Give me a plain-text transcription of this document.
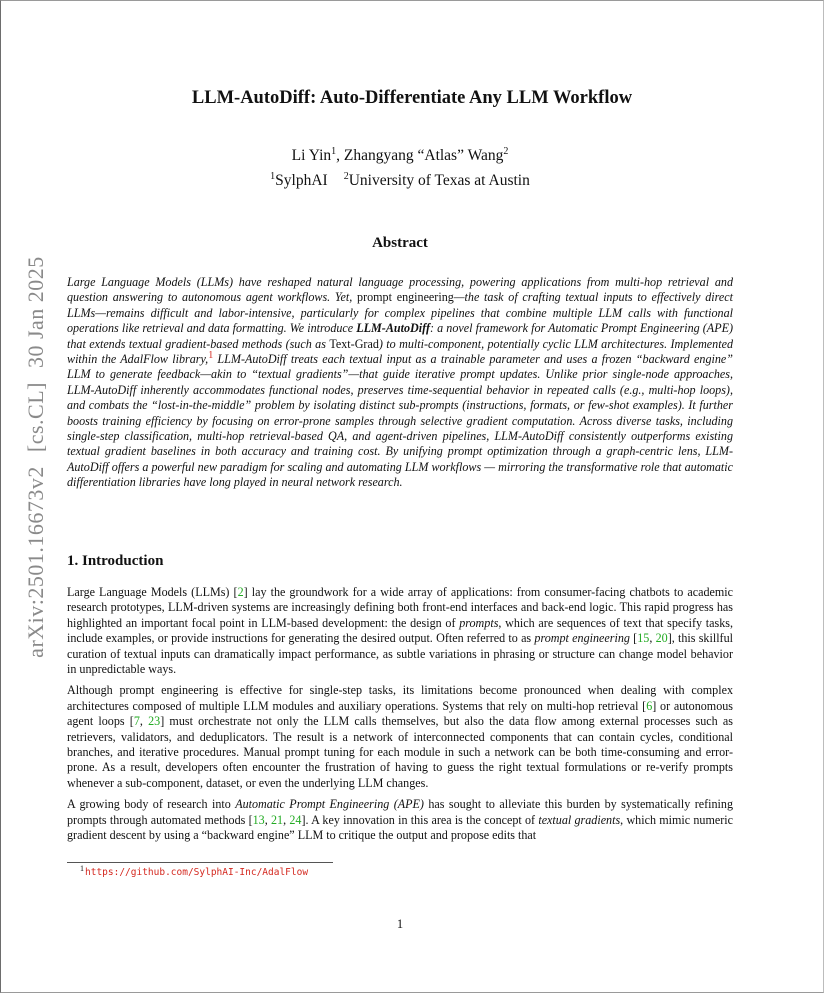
arXiv:2501.16673v2[cs.CL]30 Jan 2025
LLM-AutoDiff: Auto-Differentiate Any LLM Workflow
Li Yin$^1$, Zhangyang “Atlas” Wang$^2$
$^1$SylphAI $^2$University of Texas at Austin
Abstract

Large Language Models (LLMs) have reshaped natural language processing, powering applications from multi-hop retrieval and question answering to autonomous agent workflows. Yet, prompt engineering—the task of crafting textual inputs to effectively direct LLMs—remains difficult and labor-intensive, particularly for complex pipelines that combine multiple LLM calls with functional operations like retrieval and data formatting. We introduce LLM-AutoDiff: a novel framework for Automatic Prompt Engineering (APE) that extends textual gradient-based methods (such as Text-Grad) to multi-component, potentially cyclic LLM architectures. Implemented within the AdalFlow library,$^1$ LLM-AutoDiff treats each textual input as a trainable parameter and uses a frozen “backward engine” LLM to generate feedback—akin to “textual gradients”—that guide iterative prompt updates. Unlike prior single-node approaches, LLM-AutoDiff inherently accommodates functional nodes, preserves time-sequential behavior in repeated calls (e.g., multi-hop loops), and combats the “lost-in-the-middle” problem by isolating distinct sub-prompts (instructions, formats, or few-shot examples). It further boosts training efficiency by focusing on error-prone samples through selective gradient computation. Across diverse tasks, including single-step classification, multi-hop retrieval-based QA, and agent-driven pipelines, LLM-AutoDiff consistently outperforms existing textual gradient baselines in both accuracy and training cost. By unifying prompt optimization through a graph-centric lens, LLM-AutoDiff offers a powerful new paradigm for scaling and automating LLM workflows — mirroring the transformative role that automatic differentiation libraries have long played in neural network research.

1. Introduction

Large Language Models (LLMs) [2] lay the groundwork for a wide array of applications: from consumer-facing chatbots to academic research prototypes, LLM-driven systems are increasingly defining both front-end interfaces and back-end logic. This rapid progress has highlighted an important focal point in LLM-based development: the design of prompts, which are sequences of text that specify tasks, include examples, or provide instructions for generating the desired output. Often referred to as prompt engineering [15, 20], this skillful curation of textual inputs can dramatically impact performance, as subtle variations in phrasing or structure can change model behavior in unpredictable ways.

Although prompt engineering is effective for single-step tasks, its limitations become pronounced when dealing with complex architectures composed of multiple LLM modules and auxiliary operations. Systems that rely on multi-hop retrieval [6] or autonomous agent loops [7, 23] must orchestrate not only the LLM calls themselves, but also the data flow among external processes such as retrievers, validators, and deduplicators. The result is a network of interconnected components that can contain cycles, conditional branches, and iterative procedures. Manual prompt tuning for each module in such a network can be both time-consuming and error-prone. As a result, developers often encounter the frustration of having to guess the right textual formulations or re-verify prompts whenever a sub-component, dataset, or even the underlying LLM changes.

A growing body of research into Automatic Prompt Engineering (APE) has sought to alleviate this burden by systematically refining prompts through automated methods [13, 21, 24]. A key innovation in this area is the concept of textual gradients, which mimic numeric gradient descent by using a “backward engine” LLM to critique the output and propose edits that

$^1$https://github.com/SylphAI-Inc/AdalFlow
1
